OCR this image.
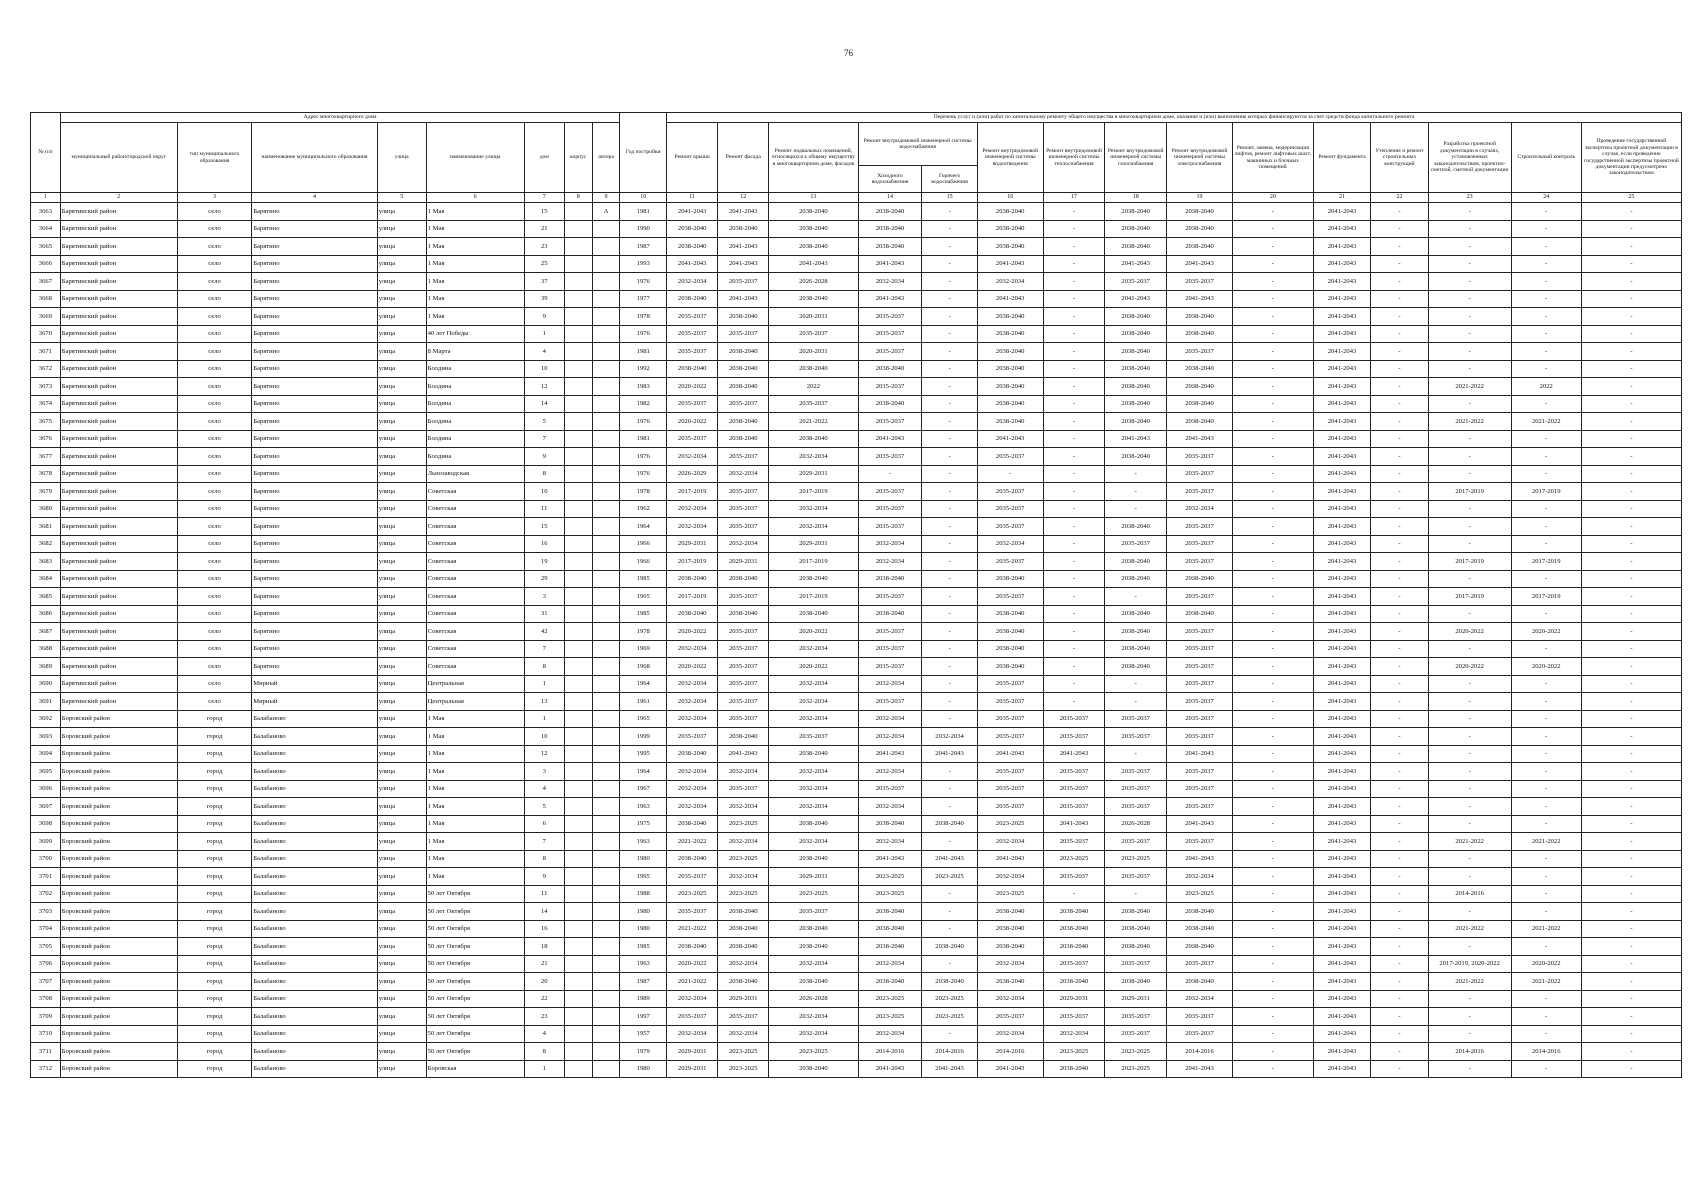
76
№ п/п	Адрес многоквартирного дома								Год постройки	Перечень услуг и (или) работ по капитальному ремонту общего имущества в многоквартирном доме, оказание и (или) выполнение которых финансируются за счет средств фонда капитального ремонта														
	муниципальный район/городской округ	тип муниципального образования	наименование муниципального образования	улица	наименование улицы	дом	корпус	литера		Ремонт крыши	Ремонт фасада	Ремонт подвальных помещений, относящихся к общему имуществу в многоквартирном доме, фасадов	Ремонт внутридомовой инженерной системы водоснабжения		Ремонт внутридомовой инженерной системы водоотведения	Ремонт внутридомовой инженерной системы теплоснабжения	Ремонт внутридомовой инженерной системы газоснабжения	Ремонт внутридомовой инженерной системы электроснабжения	Ремонт, замена, модернизация лифтов, ремонт лифтовых шахт, машинных и блочных помещений	Ремонт фундамента	Утепление и ремонт строительных конструкций	Разработка проектной документации в случаях, установленных законодательством, проектно-сметной, сметной документации	Строительный контроль	Проведение государственной экспертизы проектной документации в случае, если проведение государственной экспертизы проектной документации предусмотрено законодательством
													Холодного водоснабжения	Горячего водоснабжения										
1	2	3	4	5	6	7	8	9	10	11	12	13	14	15	16	17	18	19	20	21	22	23	24	25
3663	Барятинский район	село	Барятино	улица	1 Мая	15		А	1981	2041-2043	2041-2043	2038-2040	2038-2040	-	2038-2040	-	2038-2040	2038-2040	-	2041-2043	-	-	-	-
3664	Барятинский район	село	Барятино	улица	1 Мая	21			1990	2038-2040	2038-2040	2038-2040	2038-2040	-	2038-2040	-	2038-2040	2038-2040	-	2041-2043	-	-	-	-
3665	Барятинский район	село	Барятино	улица	1 Мая	23			1987	2038-2040	2041-2043	2038-2040	2038-2040	-	2038-2040	-	2038-2040	2038-2040	-	2041-2043	-	-	-	-
3666	Барятинский район	село	Барятино	улица	1 Мая	25			1993	2041-2043	2041-2043	2041-2043	2041-2043	-	2041-2043	-	2041-2043	2041-2043	-	2041-2043	-	-	-	-
3667	Барятинский район	село	Барятино	улица	1 Мая	37			1976	2032-2034	2035-2037	2026-2028	2032-2034	-	2032-2034	-	2035-2037	2035-2037	-	2041-2043	-	-	-	-
3668	Барятинский район	село	Барятино	улица	1 Мая	39			1977	2038-2040	2041-2043	2038-2040	2041-2043	-	2041-2043	-	2041-2043	2041-2043	-	2041-2043	-	-	-	-
3669	Барятинский район	село	Барятино	улица	1 Мая	9			1978	2035-2037	2038-2040	2020-2031	2035-2037	-	2038-2040	-	2038-2040	2038-2040	-	2041-2043	-	-	-	-
3670	Барятинский район	село	Барятино	улица	40 лет Победы	1			1976	2035-2037	2035-2037	2035-2037	2035-2037	-	2038-2040	-	2038-2040	2038-2040	-	2041-2043	-	-	-	-
3671	Барятинский район	село	Барятино	улица	8 Марта	4			1981	2035-2037	2038-2040	2020-2031	2035-2037	-	2038-2040	-	2038-2040	2035-2037	-	2041-2043	-	-	-	-
3672	Барятинский район	село	Барятино	улица	Болдина	10			1992	2038-2040	2038-2040	2038-2040	2038-2040	-	2038-2040	-	2038-2040	2038-2040	-	2041-2043	-	-	-	-
3673	Барятинский район	село	Барятино	улица	Болдина	12			1983	2020-2022	2038-2040	2022	2035-2037	-	2038-2040	-	2038-2040	2038-2040	-	2041-2043	-	2021-2022	2022	-
3674	Барятинский район	село	Барятино	улица	Болдина	14			1982	2035-2037	2035-2037	2035-2037	2038-2040	-	2038-2040	-	2038-2040	2038-2040	-	2041-2043	-	-	-	-
3675	Барятинский район	село	Барятино	улица	Болдина	5			1976	2020-2022	2038-2040	2021-2022	2035-2037	-	2038-2040	-	2038-2040	2038-2040	-	2041-2043	-	2021-2022	2021-2022	-
3676	Барятинский район	село	Барятино	улица	Болдина	7			1981	2035-2037	2038-2040	2038-2040	2041-2043	-	2041-2043	-	2041-2043	2041-2043	-	2041-2043	-	-	-	-
3677	Барятинский район	село	Барятино	улица	Болдина	9			1976	2032-2034	2035-2037	2032-2034	2035-2037	-	2035-2037	-	2038-2040	2035-2037	-	2041-2043	-	-	-	-
3678	Барятинский район	село	Барятино	улица	Льнозаводская	8			1976	2026-2029	2032-2034	2029-2031	-	-	-	-	-	2035-2037	-	2041-2043	-	-	-	-
3679	Барятинский район	село	Барятино	улица	Советская	10			1978	2017-2019	2035-2037	2017-2019	2035-2037	-	2035-2037	-	-	2035-2037	-	2041-2043	-	2017-2019	2017-2019	-
3680	Барятинский район	село	Барятино	улица	Советская	11			1962	2032-2034	2035-2037	2032-2034	2035-2037	-	2035-2037	-	-	2032-2034	-	2041-2043	-	-	-	-
3681	Барятинский район	село	Барятино	улица	Советская	15			1964	2032-2034	2035-2037	2032-2034	2035-2037	-	2035-2037	-	2038-2040	2035-2037	-	2041-2043	-	-	-	-
3682	Барятинский район	село	Барятино	улица	Советская	16			1966	2029-2031	2032-2034	2029-2031	2032-2034	-	2032-2034	-	2035-2037	2035-2037	-	2041-2043	-	-	-	-
3683	Барятинский район	село	Барятино	улица	Советская	19			1966	2017-2019	2029-2031	2017-2019	2032-2034	-	2035-2037	-	2038-2040	2035-2037	-	2041-2043	-	2017-2019	2017-2019	-
3684	Барятинский район	село	Барятино	улица	Советская	29			1985	2038-2040	2038-2040	2038-2040	2038-2040	-	2038-2040	-	2038-2040	2038-2040	-	2041-2043	-	-	-	-
3685	Барятинский район	село	Барятино	улица	Советская	3			1965	2017-2019	2035-2037	2017-2019	2035-2037	-	2035-2037	-	-	2035-2037	-	2041-2043	-	2017-2019	2017-2019	-
3686	Барятинский район	село	Барятино	улица	Советская	31			1985	2038-2040	2038-2040	2038-2040	2038-2040	-	2038-2040	-	2038-2040	2038-2040	-	2041-2043	-	-	-	-
3687	Барятинский район	село	Барятино	улица	Советская	42			1978	2020-2022	2035-2037	2020-2022	2035-2037	-	2038-2040	-	2038-2040	2035-2037	-	2041-2043	-	2020-2022	2020-2022	-
3688	Барятинский район	село	Барятино	улица	Советская	7			1969	2032-2034	2035-2037	2032-2034	2035-2037	-	2038-2040	-	2038-2040	2035-2037	-	2041-2043	-	-	-	-
3689	Барятинский район	село	Барятино	улица	Советская	8			1968	2020-2022	2035-2037	2020-2022	2035-2037	-	2038-2040	-	2038-2040	2035-2037	-	2041-2043	-	2020-2022	2020-2022	-
3690	Барятинский район	село	Мирный	улица	Центральная	1			1964	2032-2034	2035-2037	2032-2034	2032-2034	-	2035-2037	-	-	2035-2037	-	2041-2043	-	-	-	-
3691	Барятинский район	село	Мирный	улица	Центральная	13			1961	2032-2034	2035-2037	2032-2034	2035-2037	-	2035-2037	-	-	2035-2037	-	2041-2043	-	-	-	-
3692	Боровский район	город	Балабаново	улица	1 Мая	1			1965	2032-2034	2035-2037	2032-2034	2032-2034	-	2035-2037	2035-2037	2035-2037	2035-2037	-	2041-2043	-	-	-	-
3693	Боровский район	город	Балабаново	улица	1 Мая	10			1999	2035-2037	2038-2040	2035-2037	2032-2034	2032-2034	2035-2037	2035-2037	2035-2037	2035-2037	-	2041-2043	-	-	-	-
3694	Боровский район	город	Балабаново	улица	1 Мая	12			1995	2038-2040	2041-2043	2038-2040	2041-2043	2041-2043	2041-2043	2041-2043	-	2041-2043	-	2041-2043	-	-	-	-
3695	Боровский район	город	Балабаново	улица	1 Мая	3			1964	2032-2034	2032-2034	2032-2034	2032-2034	-	2035-2037	2035-2037	2035-2037	2035-2037	-	2041-2043	-	-	-	-
3696	Боровский район	город	Балабаново	улица	1 Мая	4			1967	2032-2034	2035-2037	2032-2034	2035-2037	-	2035-2037	2035-2037	2035-2037	2035-2037	-	2041-2043	-	-	-	-
3697	Боровский район	город	Балабаново	улица	1 Мая	5			1963	2032-2034	2032-2034	2032-2034	2032-2034	-	2035-2037	2035-2037	2035-2037	2035-2037	-	2041-2043	-	-	-	-
3698	Боровский район	город	Балабаново	улица	1 Мая	6			1975	2038-2040	2023-2025	2038-2040	2038-2040	2038-2040	2023-2025	2041-2043	2026-2028	2041-2043	-	2041-2043	-	-	-	-
3699	Боровский район	город	Балабаново	улица	1 Мая	7			1963	2021-2022	2032-2034	2032-2034	2032-2034	-	2032-2034	2035-2037	2035-2037	2035-2037	-	2041-2043	-	2021-2022	2021-2022	-
3700	Боровский район	город	Балабаново	улица	1 Мая	8			1980	2038-2040	2023-2025	2038-2040	2041-2043	2041-2043	2041-2043	2023-2025	2023-2025	2041-2043	-	2041-2043	-	-	-	-
3701	Боровский район	город	Балабаново	улица	1 Мая	9			1995	2035-2037	2032-2034	2029-2031	2023-2025	2023-2025	2032-2034	2035-2037	2035-2037	2032-2034	-	2041-2043	-	-	-	-
3702	Боровский район	город	Балабаново	улица	50 лет Октября	11			1988	2023-2025	2023-2025	2023-2025	2023-2025	-	2023-2025	-	-	2023-2025	-	2041-2043	-	2014-2016	-	-
3703	Боровский район	город	Балабаново	улица	50 лет Октября	14			1980	2035-2037	2038-2040	2035-2037	2038-2040	-	2038-2040	2038-2040	2038-2040	2038-2040	-	2041-2043	-	-	-	-
3704	Боровский район	город	Балабаново	улица	50 лет Октября	16			1980	2021-2022	2038-2040	2038-2040	2038-2040	-	2038-2040	2038-2040	2038-2040	2038-2040	-	2041-2043	-	2021-2022	2021-2022	-
3705	Боровский район	город	Балабаново	улица	50 лет Октября	18			1985	2038-2040	2038-2040	2038-2040	2038-2040	2038-2040	2038-2040	2038-2040	2038-2040	2038-2040	-	2041-2043	-	-	-	-
3706	Боровский район	город	Балабаново	улица	50 лет Октября	21			1963	2020-2022	2032-2034	2032-2034	2032-2034	-	2032-2034	2035-2037	2035-2037	2035-2037	-	2041-2043	-	2017-2019, 2020-2022	2020-2022	-
3707	Боровский район	город	Балабаново	улица	50 лет Октября	20			1987	2021-2022	2038-2040	2038-2040	2038-2040	2038-2040	2038-2040	2038-2040	2038-2040	2038-2040	-	2041-2043	-	2021-2022	2021-2022	-
3708	Боровский район	город	Балабаново	улица	50 лет Октября	22			1989	2032-2034	2029-2031	2026-2028	2023-2025	2023-2025	2032-2034	2029-2031	2029-2031	2032-2034	-	2041-2043	-	-	-	-
3709	Боровский район	город	Балабаново	улица	50 лет Октября	23			1997	2035-2037	2035-2037	2032-2034	2023-2025	2023-2025	2035-2037	2035-2037	2035-2037	2035-2037	-	2041-2043	-	-	-	-
3710	Боровский район	город	Балабаново	улица	50 лет Октября	4			1957	2032-2034	2032-2034	2032-2034	2032-2034	-	2032-2034	2032-2034	2035-2037	2035-2037	-	2041-2043	-	-	-	-
3711	Боровский район	город	Балабаново	улица	50 лет Октября	8			1979	2029-2031	2023-2025	2023-2025	2014-2016	2014-2016	2014-2016	2023-2025	2023-2025	2014-2016	-	2041-2043	-	2014-2016	2014-2016	-
3712	Боровский район	город	Балабаново	улица	Боровская	1			1980	2029-2031	2023-2025	2038-2040	2041-2043	2041-2043	2041-2043	2038-2040	2023-2025	2041-2043	-	2041-2043	-	-	-	-
